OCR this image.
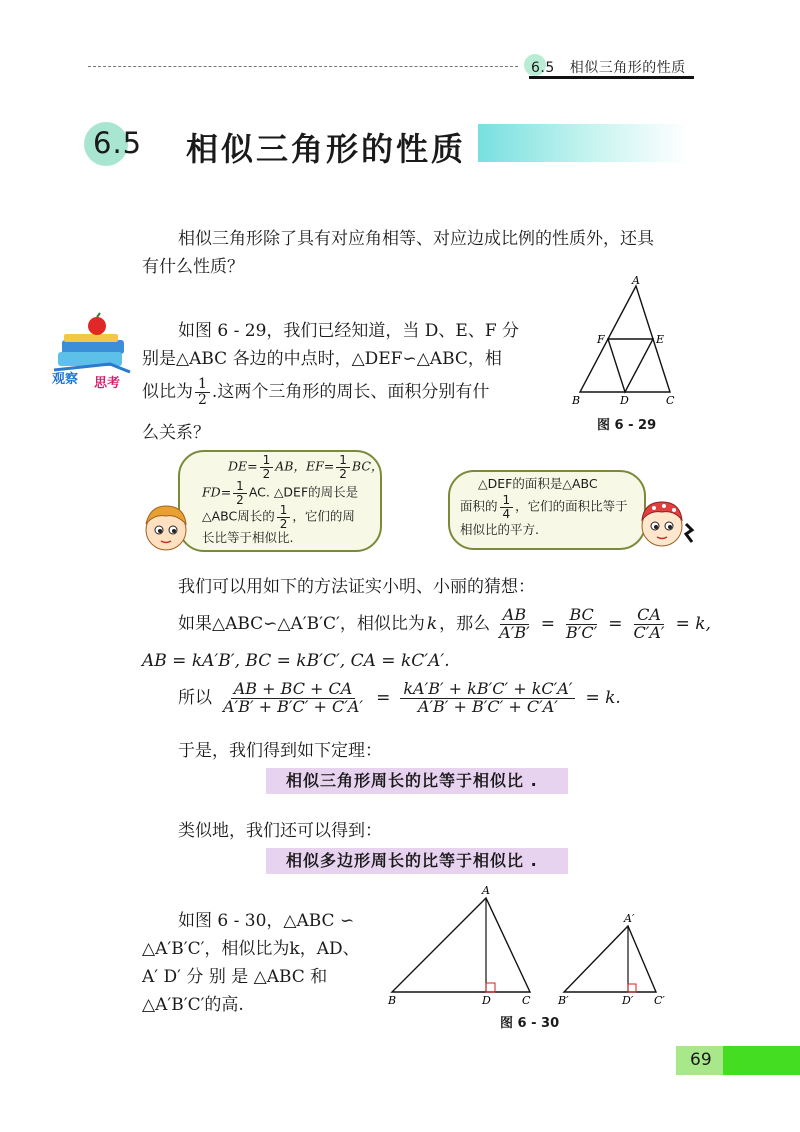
6.5 相似三角形的性质
6.5 相似三角形的性质
相似三角形除了具有对应角相等、对应边成比例的性质外，还具
有什么性质？
观察 思考
如图 6 - 29，我们已经知道，当 D、E、F 分
别是△ABC 各边的中点时，△DEF∽△ABC，相
似比为 $\frac{1}{2}$ .这两个三角形的周长、面积分别有什
么关系？
A
B	C
D
E
F
图 6 - 29
$DE= \frac{1}{2}$ AB，$EF= \frac{1}{2}$ BC，
$FD= \frac{1}{2}$ AC. △DEF的周长是
△ABC周长的 $\frac{1}{2}$ ，它们的周
长比等于相似比.
△DEF的面积是△ABC
面积的 $\frac{1}{4}$ ，它们的面积比等于
相似比的平方.
我们可以用如下的方法证实小明、小丽的猜想：
如果△ABC∽△A′B′C′，相似比为 k ，那么 $\frac{AB}{A'B'} = \frac{BC}{B'C'} = \frac{CA}{C'A'} = k$,
AB = kA′B′, BC = kB′C′, CA = kC′A′.
所以 $\frac{AB + BC + CA}{A'B' + B'C' + C'A'} = \frac{kA'B' + kB'C' + kC'A'}{A'B' + B'C' + C'A'} = k$.
于是，我们得到如下定理：
相似三角形周长的比等于相似比 .
类似地，我们还可以得到：
相似多边形周长的比等于相似比 .
如图 6 - 30，△ABC ∽
△A′B′C′，相似比为k，AD、
A′ D′ 分 别 是 △ABC 和
△A′B′C′的高.
A
B	D	C
A′
B′	D′ C′
图 6 - 30
69
